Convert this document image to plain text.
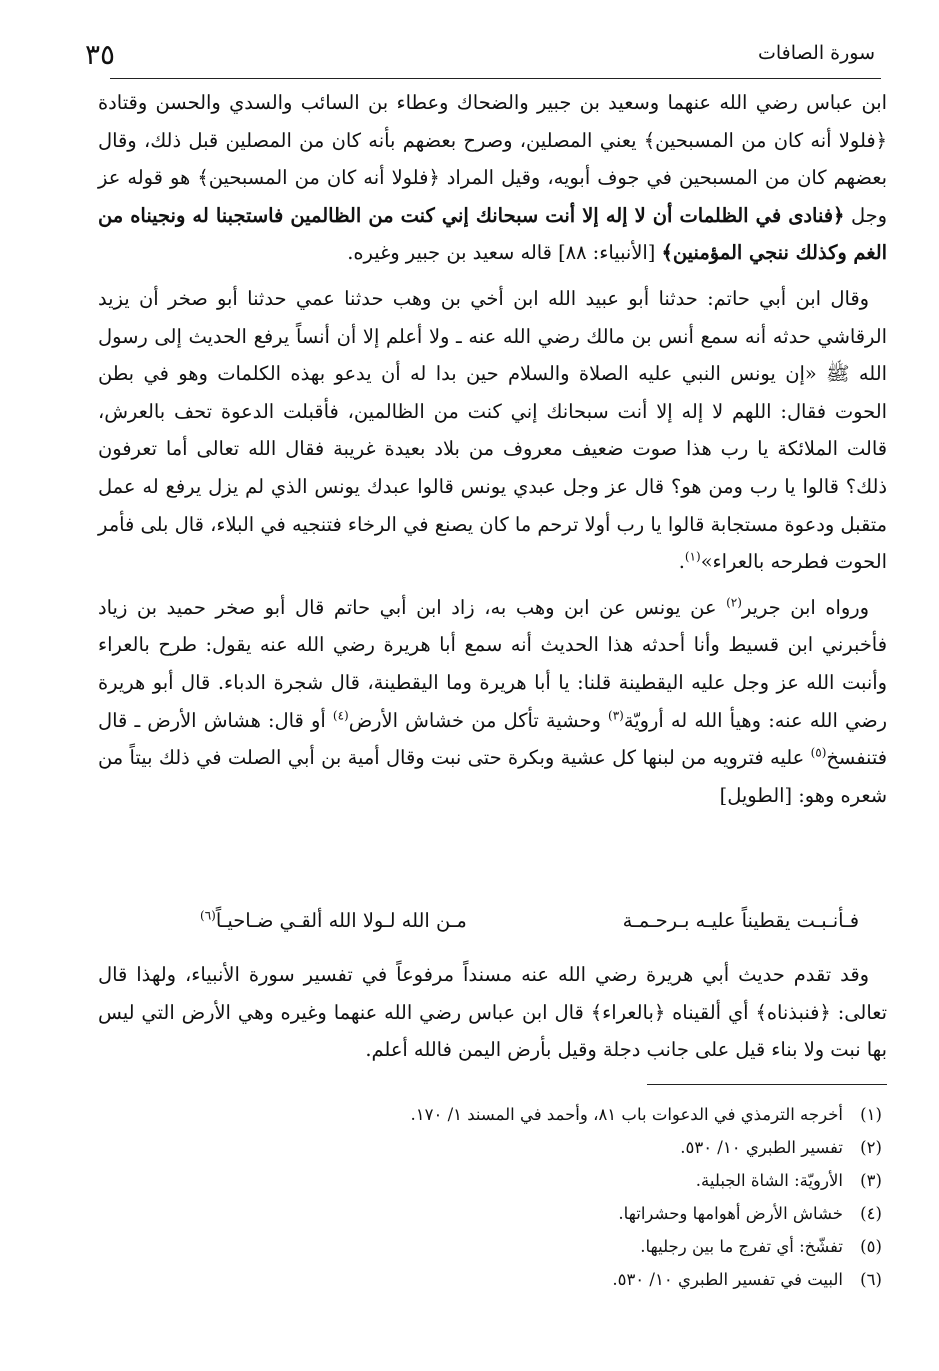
٣٥	سورة الصافات

ابن عباس رضي الله عنهما وسعيد بن جبير والضحاك وعطاء بن السائب والسدي والحسن وقتادة ﴿فلولا أنه كان من المسبحين﴾ يعني المصلين، وصرح بعضهم بأنه كان من المصلين قبل ذلك، وقال بعضهم كان من المسبحين في جوف أبويه، وقيل المراد ﴿فلولا أنه كان من المسبحين﴾ هو قوله عز وجل ﴿فنادى في الظلمات أن لا إله إلا أنت سبحانك إني كنت من الظالمين فاستجبنا له ونجيناه من الغم وكذلك ننجي المؤمنين﴾ [الأنبياء: ٨٨] قاله سعيد بن جبير وغيره.

وقال ابن أبي حاتم: حدثنا أبو عبيد الله ابن أخي بن وهب حدثنا عمي حدثنا أبو صخر أن يزيد الرقاشي حدثه أنه سمع أنس بن مالك رضي الله عنه ـ ولا أعلم إلا أن أنساً يرفع الحديث إلى رسول الله ﷺ «إن يونس النبي عليه الصلاة والسلام حين بدا له أن يدعو بهذه الكلمات وهو في بطن الحوت فقال: اللهم لا إله إلا أنت سبحانك إني كنت من الظالمين، فأقبلت الدعوة تحف بالعرش، قالت الملائكة يا رب هذا صوت ضعيف معروف من بلاد بعيدة غريبة فقال الله تعالى أما تعرفون ذلك؟ قالوا يا رب ومن هو؟ قال عز وجل عبدي يونس قالوا عبدك يونس الذي لم يزل يرفع له عمل متقبل ودعوة مستجابة قالوا يا رب أولا ترحم ما كان يصنع في الرخاء فتنجيه في البلاء، قال بلى فأمر الحوت فطرحه بالعراء»$^{(١)}$.

ورواه ابن جرير$^{(٢)}$ عن يونس عن ابن وهب به، زاد ابن أبي حاتم قال أبو صخر حميد بن زياد فأخبرني ابن قسيط وأنا أحدثه هذا الحديث أنه سمع أبا هريرة رضي الله عنه يقول: طرح بالعراء وأنبت الله عز وجل عليه اليقطينة قلنا: يا أبا هريرة وما اليقطينة، قال شجرة الدباء. قال أبو هريرة رضي الله عنه: وهيأ الله له أرويّة$^{(٣)}$ وحشية تأكل من خشاش الأرض$^{(٤)}$ أو قال: هشاش الأرض ـ قال فتنفسخ$^{(٥)}$ عليه فترويه من لبنها كل عشية وبكرة حتى نبت وقال أمية بن أبي الصلت في ذلك بيتاً من شعره وهو: [الطويل]

فـأنـبـت يقطيناً عليـه بـرحـمـة
مـن الله لـولا الله ألقـي ضـاحيـاً$^{(٦)}$

وقد تقدم حديث أبي هريرة رضي الله عنه مسنداً مرفوعاً في تفسير سورة الأنبياء، ولهذا قال تعالى: ﴿فنبذناه﴾ أي ألقيناه ﴿بالعراء﴾ قال ابن عباس رضي الله عنهما وغيره وهي الأرض التي ليس بها نبت ولا بناء قيل على جانب دجلة وقيل بأرض اليمن فالله أعلم.

(١)
أخرجه الترمذي في الدعوات باب ٨١، وأحمد في المسند ١/ ١٧٠.
(٢)
تفسير الطبري ١٠/ ٥٣٠.
(٣)
الأرويّة: الشاة الجبلية.
(٤)
خشاش الأرض أهوامها وحشراتها.
(٥)
تفشّخ: أي تفرج ما بين رجليها.
(٦)
البيت في تفسير الطبري ١٠/ ٥٣٠.
